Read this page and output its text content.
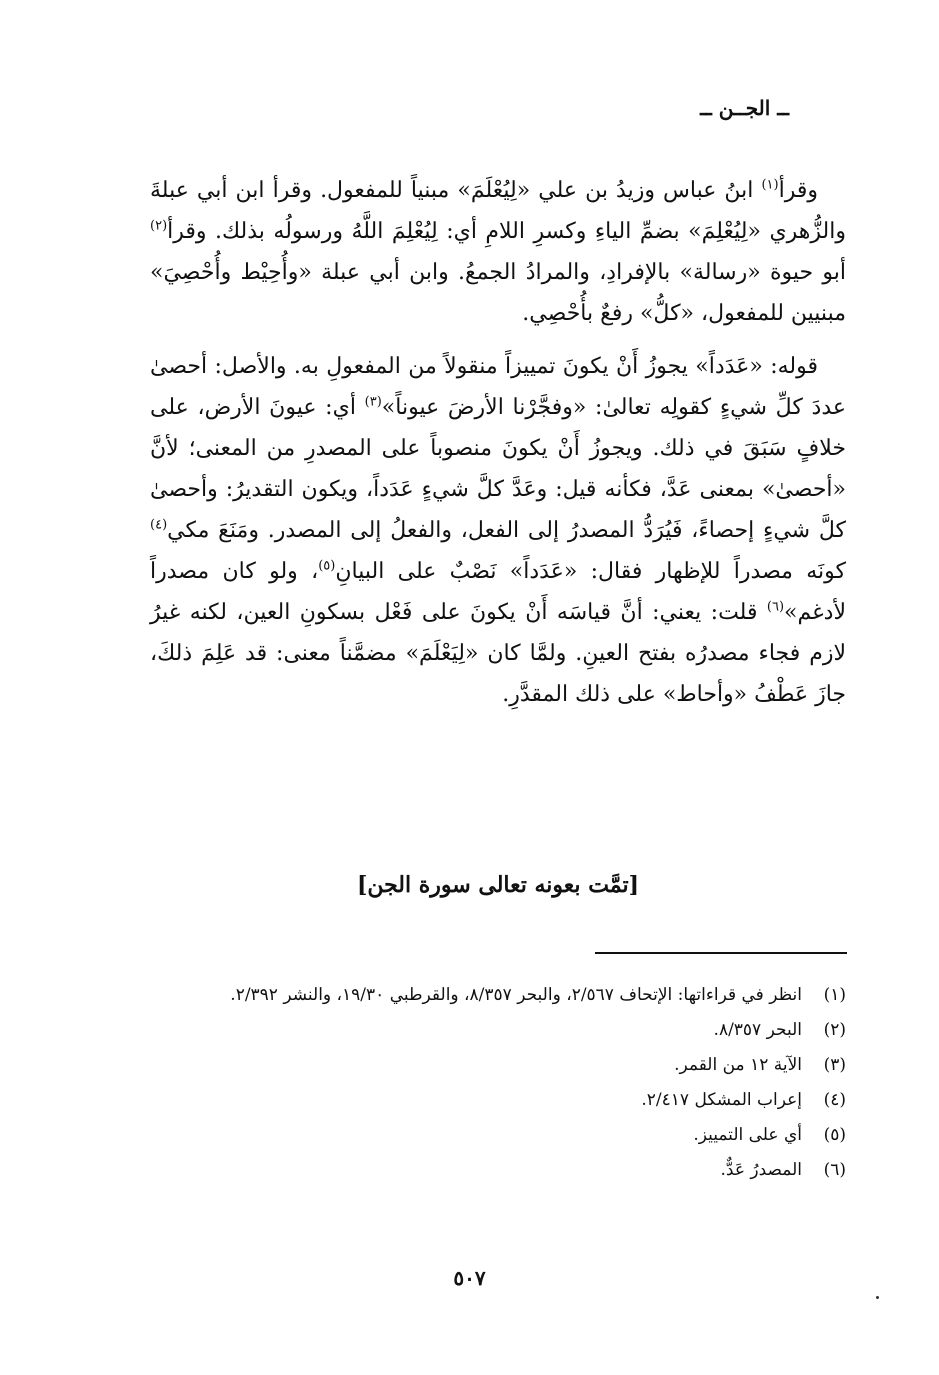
ــ الجــن ــ

وقرأ$^{(١)}$ ابنُ عباس وزيدُ بن علي «لِيُعْلَمَ» مبنياً للمفعول. وقرأ ابن أبي عبلةَ والزُّهري «لِيُعْلِمَ» بضمِّ الياءِ وكسرِ اللامِ أي: لِيُعْلِمَ اللَّهُ ورسولُه بذلك. وقرأ$^{(٢)}$ أبو حيوة «رسالة» بالإفرادِ، والمرادُ الجمعُ. وابن أبي عبلة «وأُحِيْط وأُحْصِيَ» مبنيين للمفعول، «كلُّ» رفعٌ بأُحْصِي.

قوله: «عَدَداً» يجوزُ أَنْ يكونَ تمييزاً منقولاً من المفعولِ به. والأصل: أحصىٰ عددَ كلِّ شيءٍ كقولِه تعالىٰ: «وفجَّرْنا الأرضَ عيوناً»$^{(٣)}$ أي: عيونَ الأرض، على خلافٍ سَبَقَ في ذلك. ويجوزُ أَنْ يكونَ منصوباً على المصدرِ من المعنى؛ لأنَّ «أحصىٰ» بمعنى عَدَّ، فكأنه قيل: وعَدَّ كلَّ شيءٍ عَدَداً، ويكون التقديرُ: وأحصىٰ كلَّ شيءٍ إحصاءً، فَيُرَدُّ المصدرُ إلى الفعل، والفعلُ إلى المصدر. ومَنَعَ مكي$^{(٤)}$ كونَه مصدراً للإظهار فقال: «عَدَداً» نَصْبٌ على البيانِ$^{(٥)}$، ولو كان مصدراً لأدغم»$^{(٦)}$ قلت: يعني: أنَّ قياسَه أَنْ يكونَ على فَعْل بسكونِ العين، لكنه غيرُ لازم فجاء مصدرُه بفتح العينِ. ولمَّا كان «لِيَعْلَمَ» مضمَّناً معنى: قد عَلِمَ ذلكَ، جازَ عَطْفُ «وأحاط» على ذلك المقدَّرِ.

[تمَّت بعونه تعالى سورة الجن]
(١)
انظر في قراءاتها: الإتحاف ٢/٥٦٧، والبحر ٨/٣٥٧، والقرطبي ١٩/٣٠، والنشر ٢/٣٩٢.
(٢)
البحر ٨/٣٥٧.
(٣)
الآية ١٢ من القمر.
(٤)
إعراب المشكل ٢/٤١٧.
(٥)
أي على التمييز.
(٦)
المصدرُ عَدٌّ.
٥٠٧
